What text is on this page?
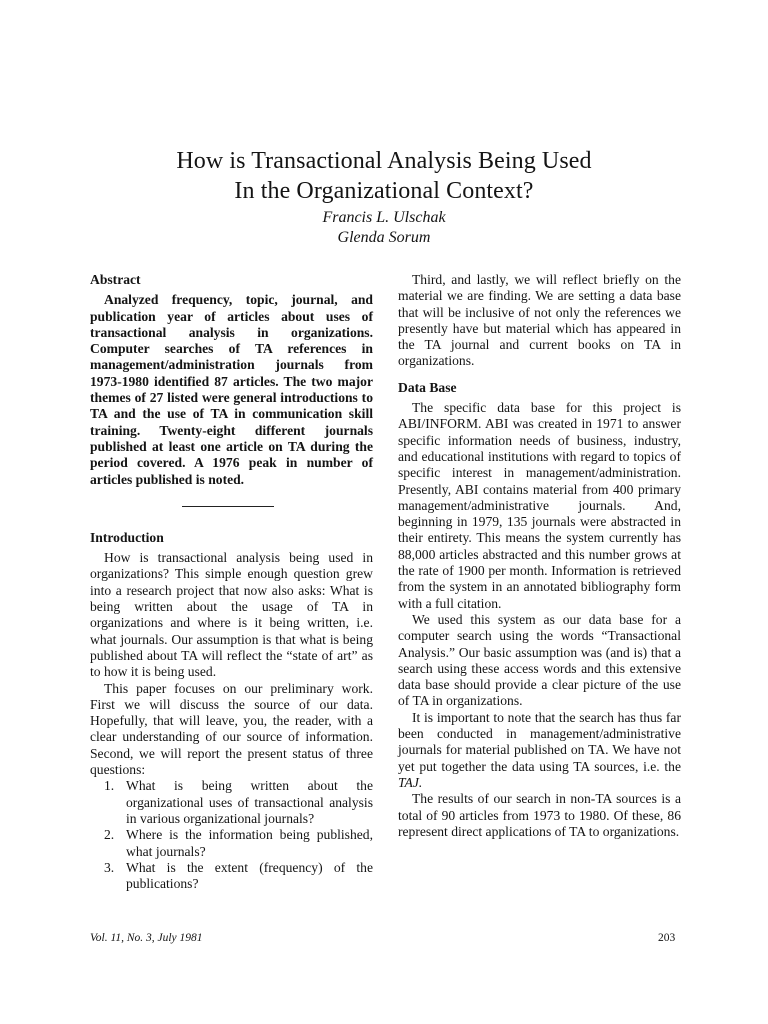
How is Transactional Analysis Being Used
In the Organizational Context?
Francis L. Ulschak
Glenda Sorum
Abstract

Analyzed frequency, topic, journal, and publication year of articles about uses of transactional analysis in organizations. Computer searches of TA references in management/administration journals from 1973-1980 identified 87 articles. The two major themes of 27 listed were general introductions to TA and the use of TA in communication skill training. Twenty-eight different journals published at least one article on TA during the period covered. A 1976 peak in number of articles published is noted.

Introduction

How is transactional analysis being used in organizations? This simple enough question grew into a research project that now also asks: What is being written about the usage of TA in organizations and where is it being written, i.e. what journals. Our assumption is that what is being published about TA will reflect the “state of art” as to how it is being used.

This paper focuses on our preliminary work. First we will discuss the source of our data. Hopefully, that will leave, you, the reader, with a clear understanding of our source of information. Second, we will report the present status of three questions:

1. What is being written about the organizational uses of transactional analysis in various organizational journals?
2. Where is the information being published, what journals?
3. What is the extent (frequency) of the publications?

Third, and lastly, we will reflect briefly on the material we are finding. We are setting a data base that will be inclusive of not only the references we presently have but material which has appeared in the TA journal and current books on TA in organizations.

Data Base

The specific data base for this project is ABI/INFORM. ABI was created in 1971 to answer specific information needs of business, industry, and educational institutions with regard to topics of specific interest in management/administration. Presently, ABI contains material from 400 primary management/administrative journals. And, beginning in 1979, 135 journals were abstracted in their entirety. This means the system currently has 88,000 articles abstracted and this number grows at the rate of 1900 per month. Information is retrieved from the system in an annotated bibliography form with a full citation.

We used this system as our data base for a computer search using the words “Transactional Analysis.” Our basic assumption was (and is) that a search using these access words and this extensive data base should provide a clear picture of the use of TA in organizations.

It is important to note that the search has thus far been conducted in management/administrative journals for material published on TA. We have not yet put together the data using TA sources, i.e. the TAJ.

The results of our search in non-TA sources is a total of 90 articles from 1973 to 1980. Of these, 86 represent direct applications of TA to organizations.

Vol. 11, No. 3, July 1981	203
